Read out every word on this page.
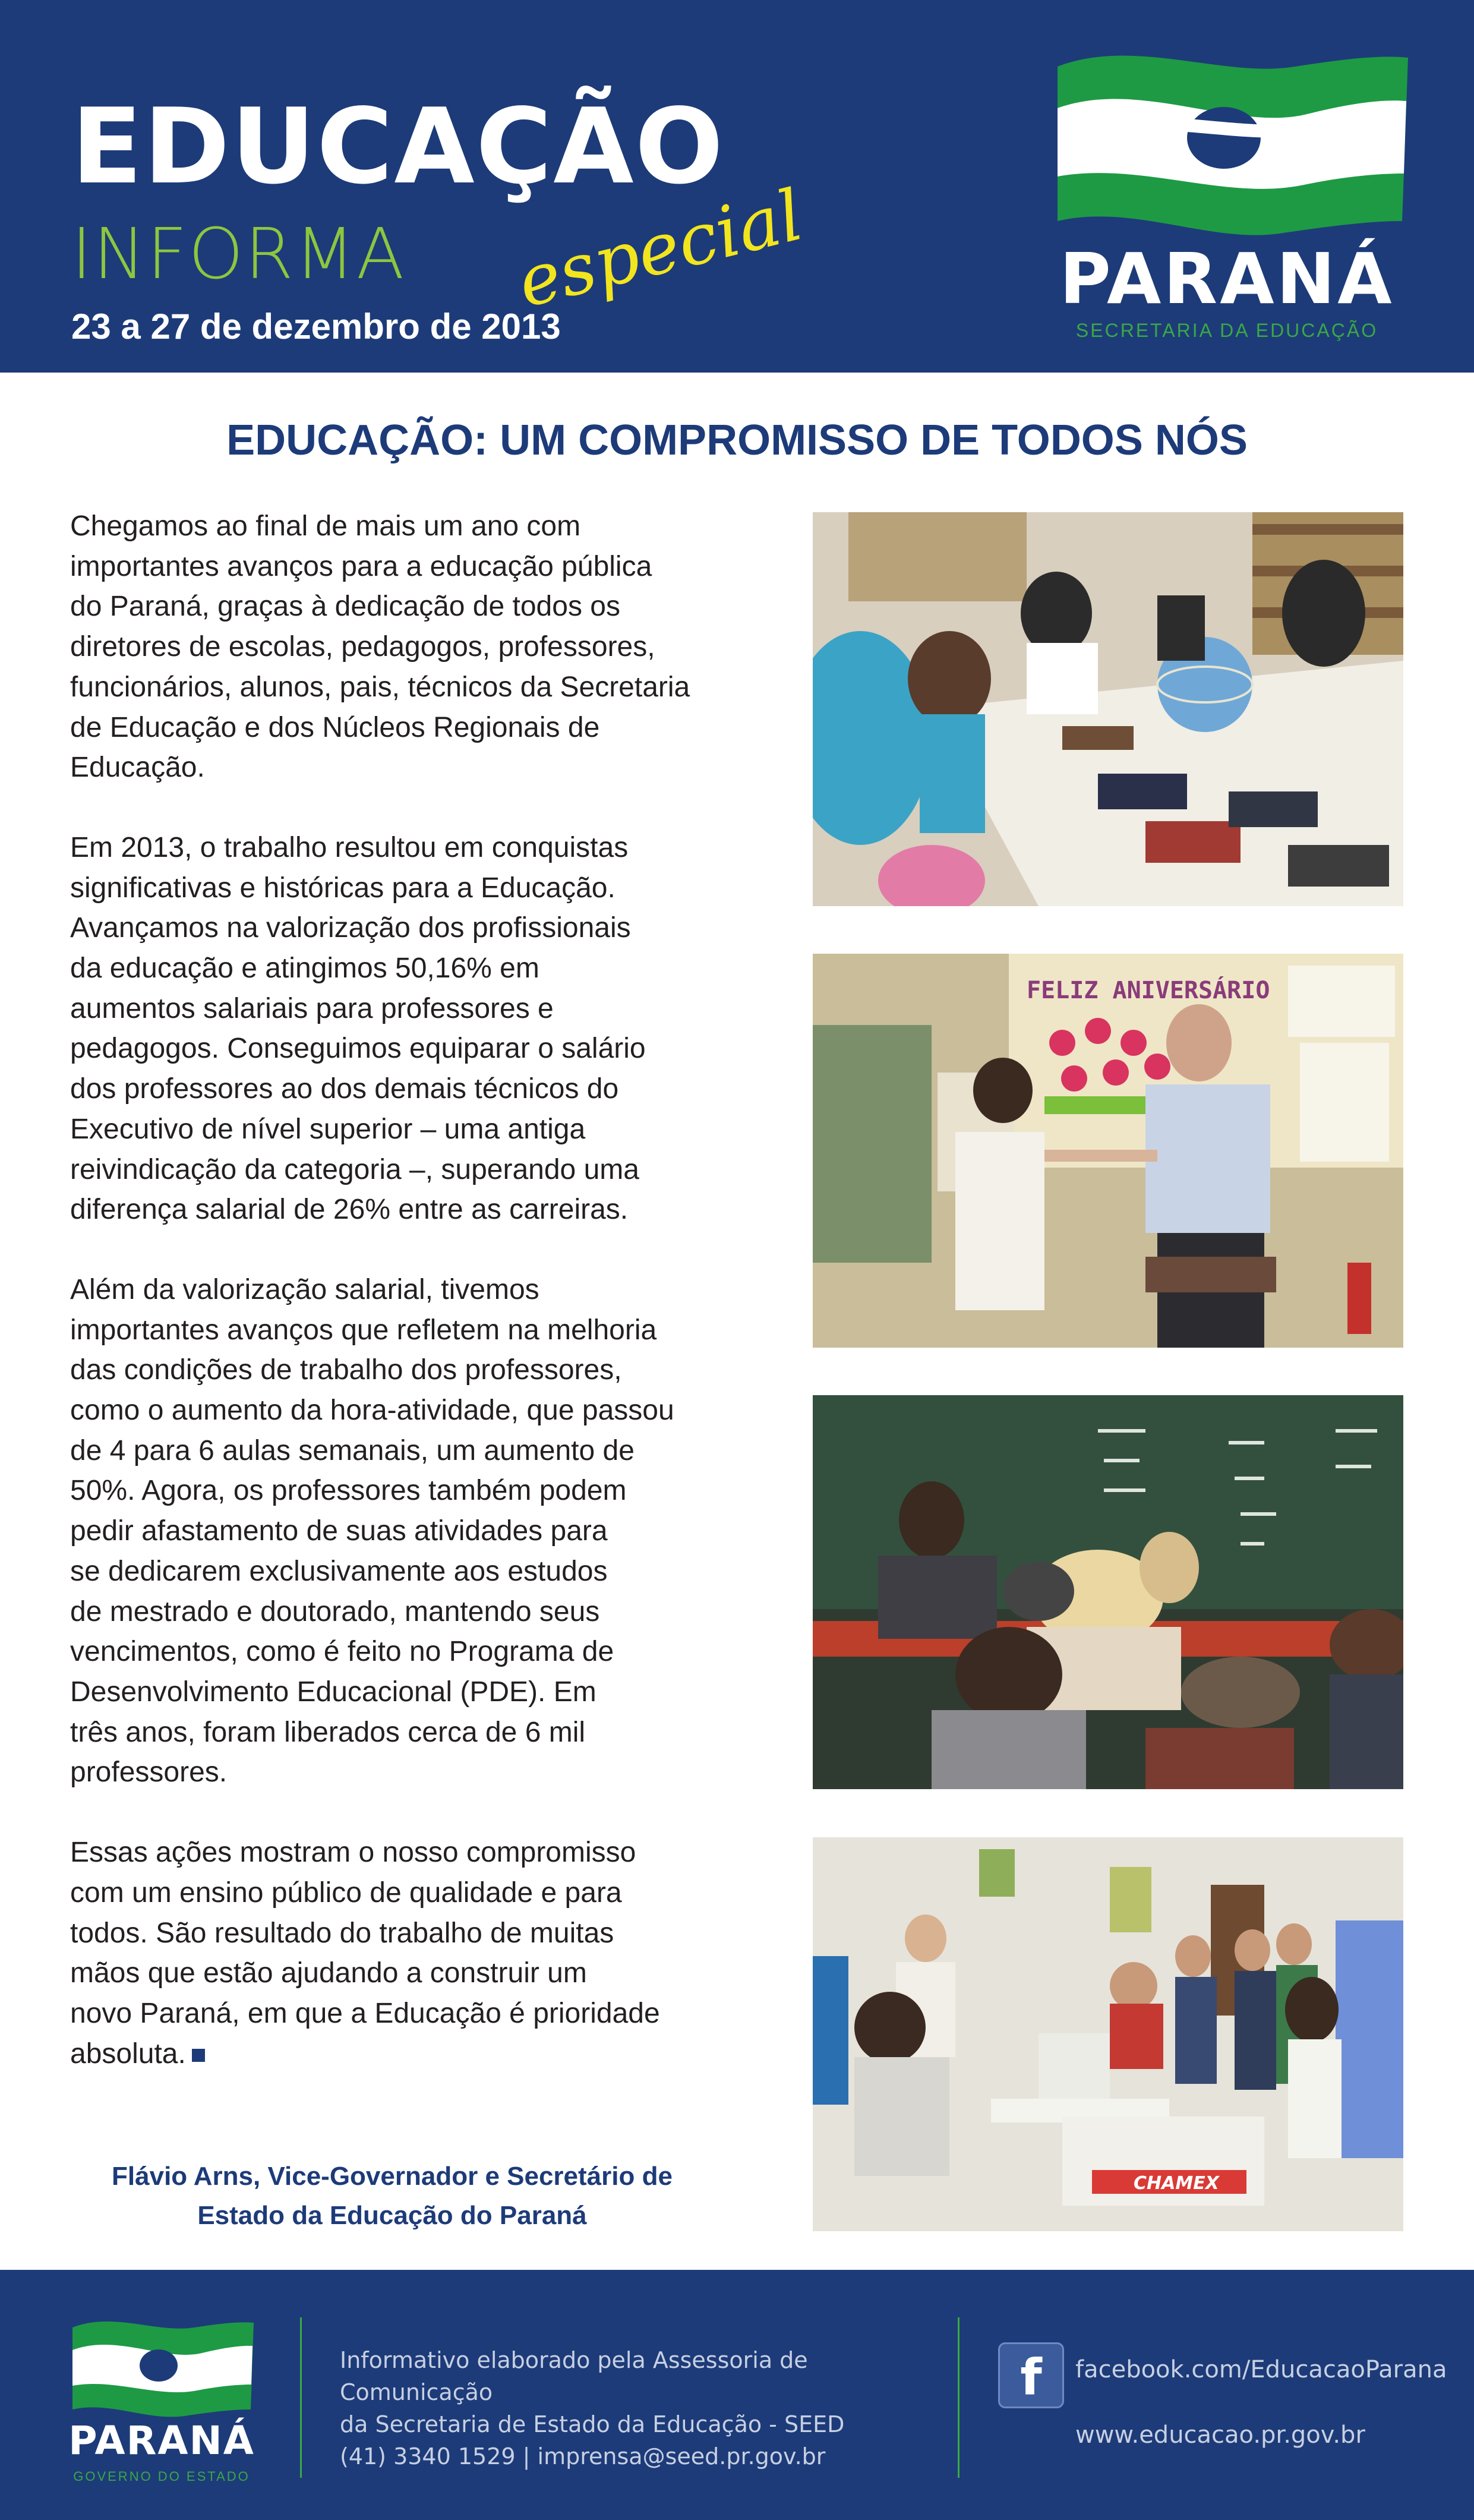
EDUCAÇÃO
INFORMA especial
23 a 27 de dezembro de 2013
PARANÁ
SECRETARIA DA EDUCAÇÃO
EDUCAÇÃO: UM COMPROMISSO DE TODOS NÓS

Chegamos ao final de mais um ano com
importantes avanços para a educação pública
do Paraná, graças à dedicação de todos os
diretores de escolas, pedagogos, professores,
funcionários, alunos, pais, técnicos da Secretaria
de Educação e dos Núcleos Regionais de
Educação.

Em 2013, o trabalho resultou em conquistas
significativas e históricas para a Educação.
Avançamos na valorização dos profissionais
da educação e atingimos 50,16% em
aumentos salariais para professores e
pedagogos. Conseguimos equiparar o salário
dos professores ao dos demais técnicos do
Executivo de nível superior – uma antiga
reivindicação da categoria –, superando uma
diferença salarial de 26% entre as carreiras.

Além da valorização salarial, tivemos
importantes avanços que refletem na melhoria
das condições de trabalho dos professores,
como o aumento da hora-atividade, que passou
de 4 para 6 aulas semanais, um aumento de
50%. Agora, os professores também podem
pedir afastamento de suas atividades para
se dedicarem exclusivamente aos estudos
de mestrado e doutorado, mantendo seus
vencimentos, como é feito no Programa de
Desenvolvimento Educacional (PDE). Em
três anos, foram liberados cerca de 6 mil
professores.

Essas ações mostram o nosso compromisso
com um ensino público de qualidade e para
todos. São resultado do trabalho de muitas
mãos que estão ajudando a construir um
novo Paraná, em que a Educação é prioridade
absoluta.

Flávio Arns, Vice-Governador e Secretário de
Estado da Educação do Paraná
FELIZ ANIVERSÁRIO
CHAMEX
PARANÁ
GOVERNO DO ESTADO
Informativo elaborado pela Assessoria de Comunicação
da Secretaria de Estado da Educação - SEED
(41) 3340 1529 | imprensa@seed.pr.gov.br
f	facebook.com/EducacaoParana
www.educacao.pr.gov.br
